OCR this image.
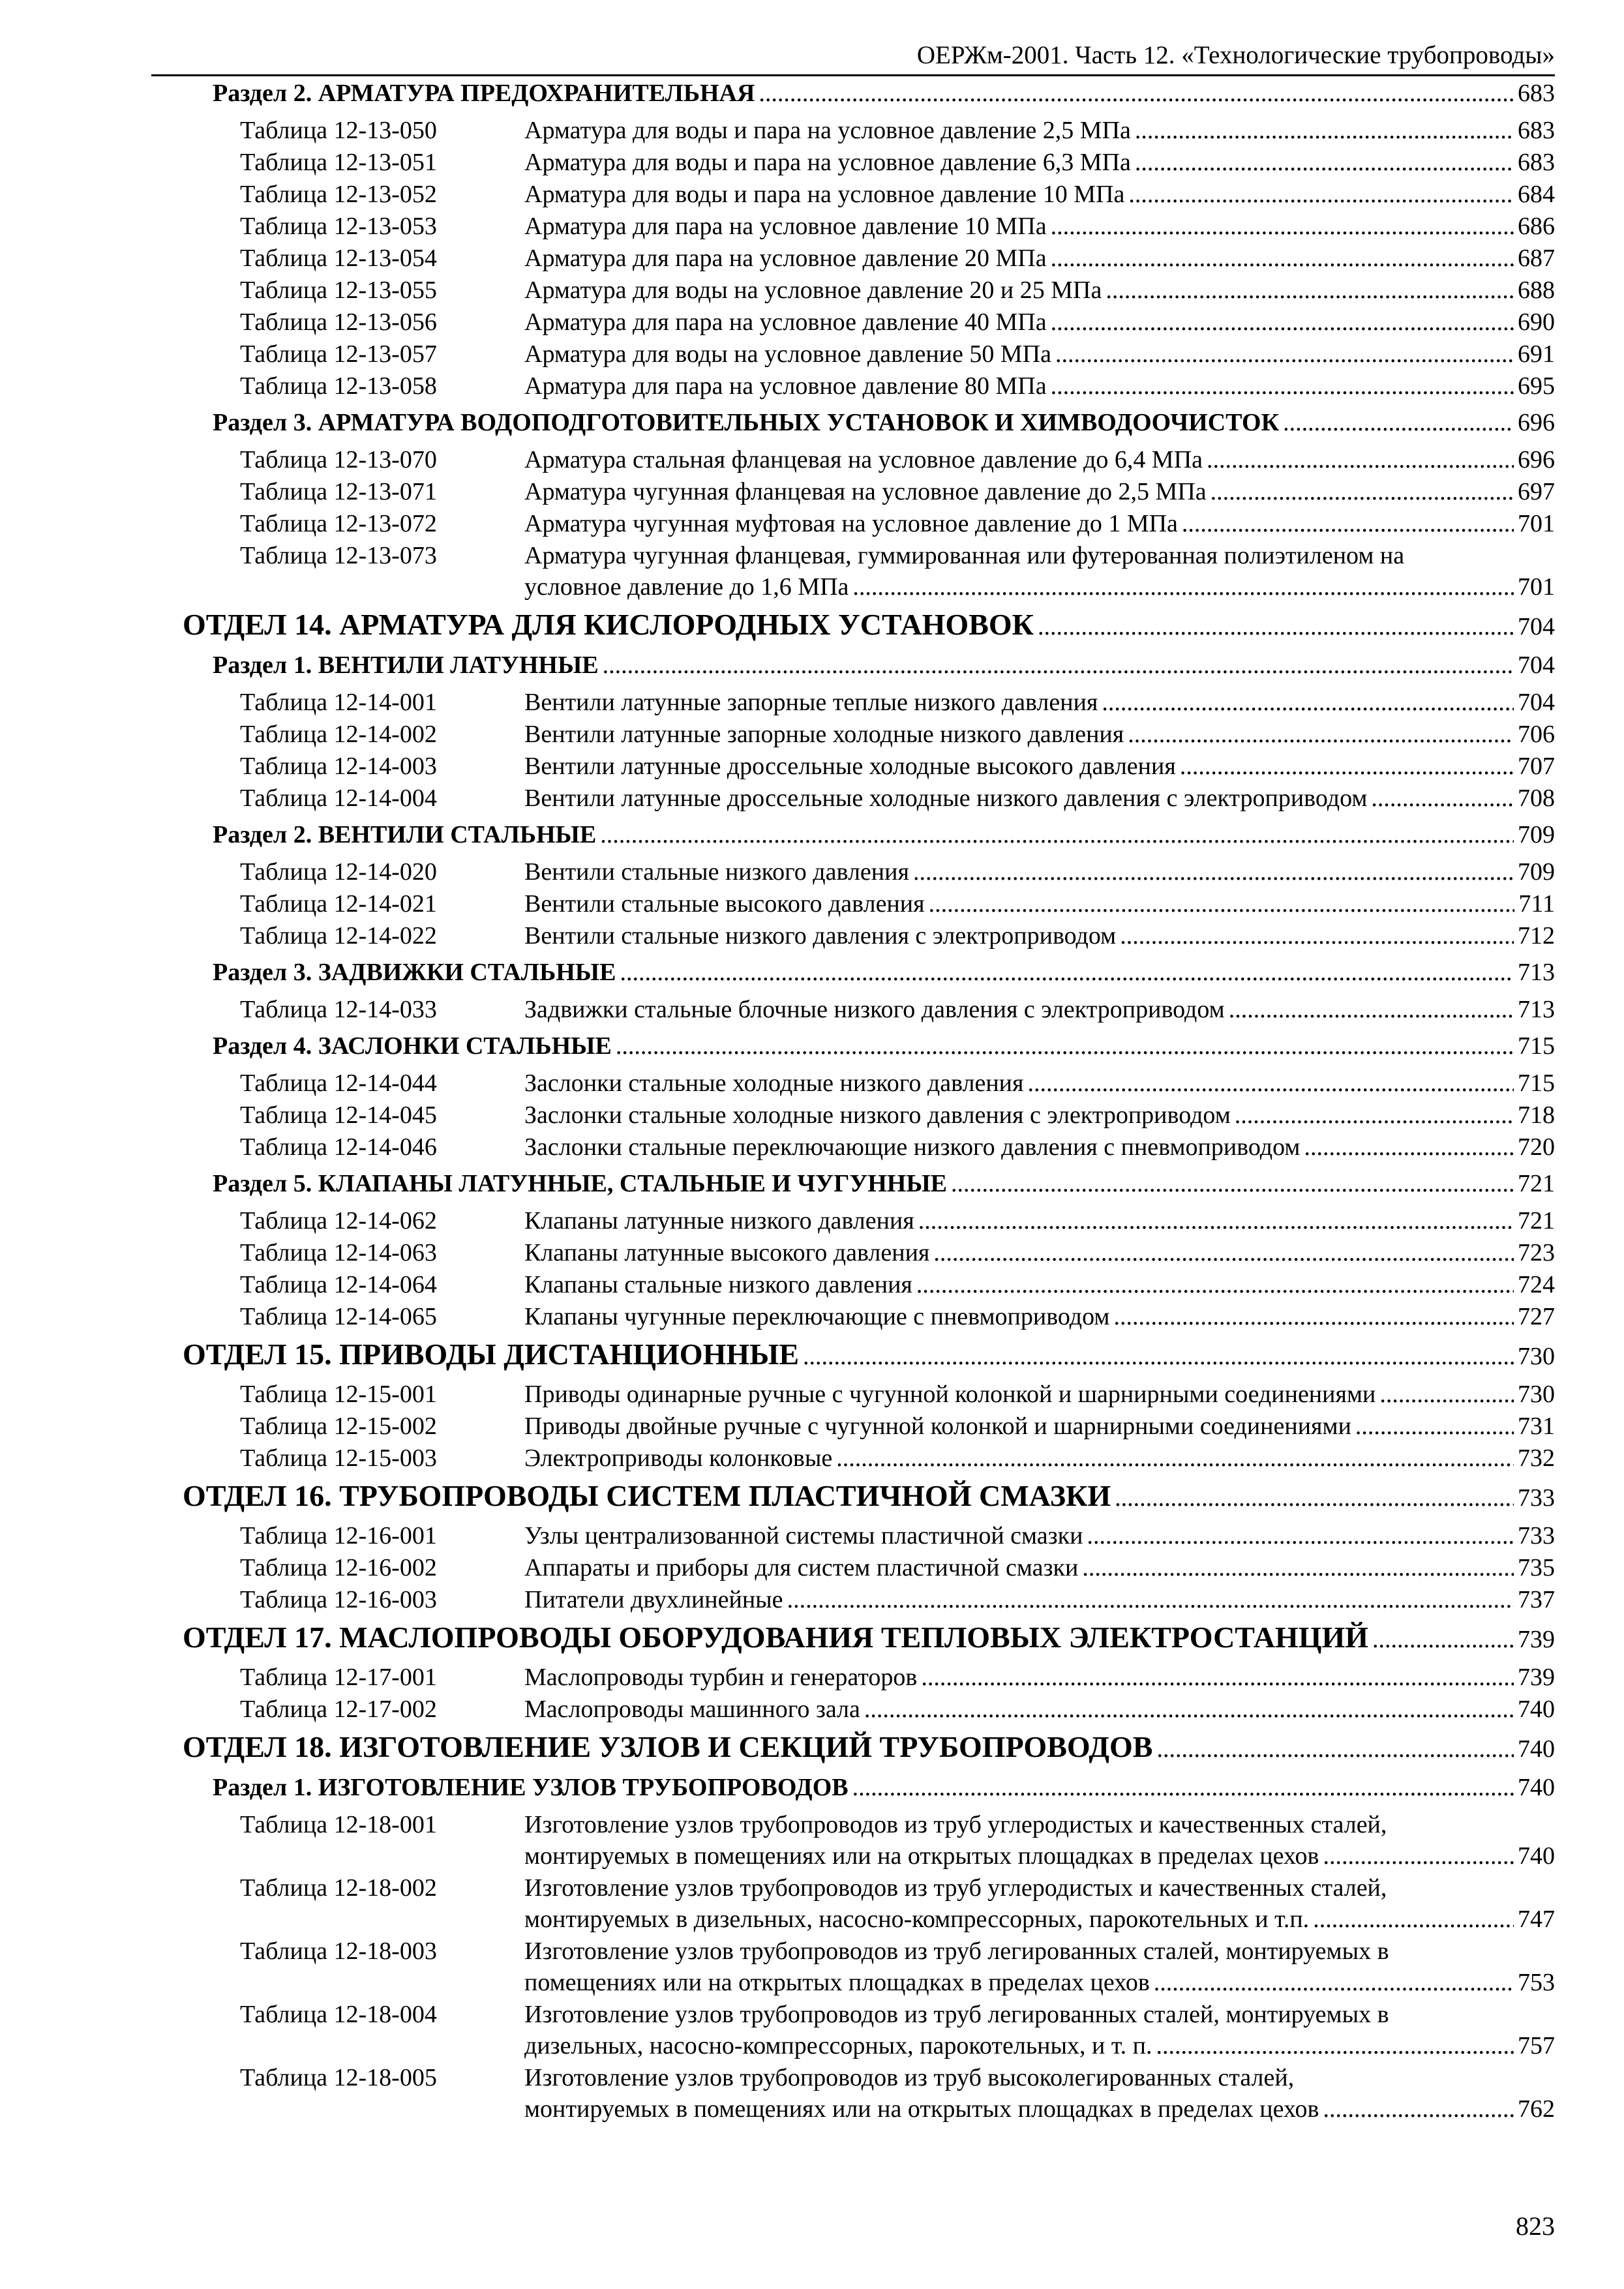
ОЕРЖм-2001. Часть 12. «Технологические трубопроводы»
Раздел 2. АРМАТУРА ПРЕДОХРАНИТЕЛЬНАЯ .....	683
Таблица 12-13-050	Арматура для воды и пара на условное давление 2,5 МПа .....	683
Таблица 12-13-051	Арматура для воды и пара на условное давление 6,3 МПа .....	683
Таблица 12-13-052	Арматура для воды и пара на условное давление 10 МПа .....	684
Таблица 12-13-053	Арматура для пара на условное давление 10 МПа .....	686
Таблица 12-13-054	Арматура для пара на условное давление 20 МПа .....	687
Таблица 12-13-055	Арматура для воды на условное давление 20 и 25 МПа .....	688
Таблица 12-13-056	Арматура для пара на условное давление 40 МПа .....	690
Таблица 12-13-057	Арматура для воды на условное давление 50 МПа .....	691
Таблица 12-13-058	Арматура для пара на условное давление 80 МПа .....	695
Раздел 3. АРМАТУРА ВОДОПОДГОТОВИТЕЛЬНЫХ УСТАНОВОК И ХИМВОДООЧИСТОК .....	696
Таблица 12-13-070	Арматура стальная фланцевая на условное давление до 6,4 МПа .....	696
Таблица 12-13-071	Арматура чугунная фланцевая на условное давление до 2,5 МПа .....	697
Таблица 12-13-072	Арматура чугунная муфтовая на условное давление до 1 МПа .....	701
Таблица 12-13-073	Арматура чугунная фланцевая, гуммированная или футерованная полиэтиленом на
условное давление до 1,6 МПа .....	701
ОТДЕЛ 14. АРМАТУРА ДЛЯ КИСЛОРОДНЫХ УСТАНОВОК .....	704
Раздел 1. ВЕНТИЛИ ЛАТУННЫЕ .....	704
Таблица 12-14-001	Вентили латунные запорные теплые низкого давления .....	704
Таблица 12-14-002	Вентили латунные запорные холодные низкого давления .....	706
Таблица 12-14-003	Вентили латунные дроссельные холодные высокого давления .....	707
Таблица 12-14-004	Вентили латунные дроссельные холодные низкого давления с электроприводом .....	708
Раздел 2. ВЕНТИЛИ СТАЛЬНЫЕ .....	709
Таблица 12-14-020	Вентили стальные низкого давления .....	709
Таблица 12-14-021	Вентили стальные высокого давления .....	711
Таблица 12-14-022	Вентили стальные низкого давления с электроприводом .....	712
Раздел 3. ЗАДВИЖКИ СТАЛЬНЫЕ .....	713
Таблица 12-14-033	Задвижки стальные блочные низкого давления с электроприводом .....	713
Раздел 4. ЗАСЛОНКИ СТАЛЬНЫЕ .....	715
Таблица 12-14-044	Заслонки стальные холодные низкого давления .....	715
Таблица 12-14-045	Заслонки стальные холодные низкого давления с электроприводом .....	718
Таблица 12-14-046	Заслонки стальные переключающие низкого давления с пневмоприводом .....	720
Раздел 5. КЛАПАНЫ ЛАТУННЫЕ, СТАЛЬНЫЕ И ЧУГУННЫЕ .....	721
Таблица 12-14-062	Клапаны латунные низкого давления .....	721
Таблица 12-14-063	Клапаны латунные высокого давления .....	723
Таблица 12-14-064	Клапаны стальные низкого давления .....	724
Таблица 12-14-065	Клапаны чугунные переключающие с пневмоприводом .....	727
ОТДЕЛ 15. ПРИВОДЫ ДИСТАНЦИОННЫЕ .....	730
Таблица 12-15-001	Приводы одинарные ручные с чугунной колонкой и шарнирными соединениями .....	730
Таблица 12-15-002	Приводы двойные ручные с чугунной колонкой и шарнирными соединениями .....	731
Таблица 12-15-003	Электроприводы колонковые .....	732
ОТДЕЛ 16. ТРУБОПРОВОДЫ СИСТЕМ ПЛАСТИЧНОЙ СМАЗКИ .....	733
Таблица 12-16-001	Узлы централизованной системы пластичной смазки .....	733
Таблица 12-16-002	Аппараты и приборы для систем пластичной смазки .....	735
Таблица 12-16-003	Питатели двухлинейные .....	737
ОТДЕЛ 17. МАСЛОПРОВОДЫ ОБОРУДОВАНИЯ ТЕПЛОВЫХ ЭЛЕКТРОСТАНЦИЙ .....	739
Таблица 12-17-001	Маслопроводы турбин и генераторов .....	739
Таблица 12-17-002	Маслопроводы машинного зала .....	740
ОТДЕЛ 18. ИЗГОТОВЛЕНИЕ УЗЛОВ И СЕКЦИЙ ТРУБОПРОВОДОВ .....	740
Раздел 1. ИЗГОТОВЛЕНИЕ УЗЛОВ ТРУБОПРОВОДОВ .....	740
Таблица 12-18-001	Изготовление узлов трубопроводов из труб углеродистых и качественных сталей,
монтируемых в помещениях или на открытых площадках в пределах цехов .....	740
Таблица 12-18-002	Изготовление узлов трубопроводов из труб углеродистых и качественных сталей,
монтируемых в дизельных, насосно-компрессорных, парокотельных и т.п. .....	747
Таблица 12-18-003	Изготовление узлов трубопроводов из труб легированных сталей, монтируемых в
помещениях или на открытых площадках в пределах цехов .....	753
Таблица 12-18-004	Изготовление узлов трубопроводов из труб легированных сталей, монтируемых в
дизельных, насосно-компрессорных, парокотельных, и т. п. .....	757
Таблица 12-18-005	Изготовление узлов трубопроводов из труб высоколегированных сталей,
монтируемых в помещениях или на открытых площадках в пределах цехов .....	762
823
